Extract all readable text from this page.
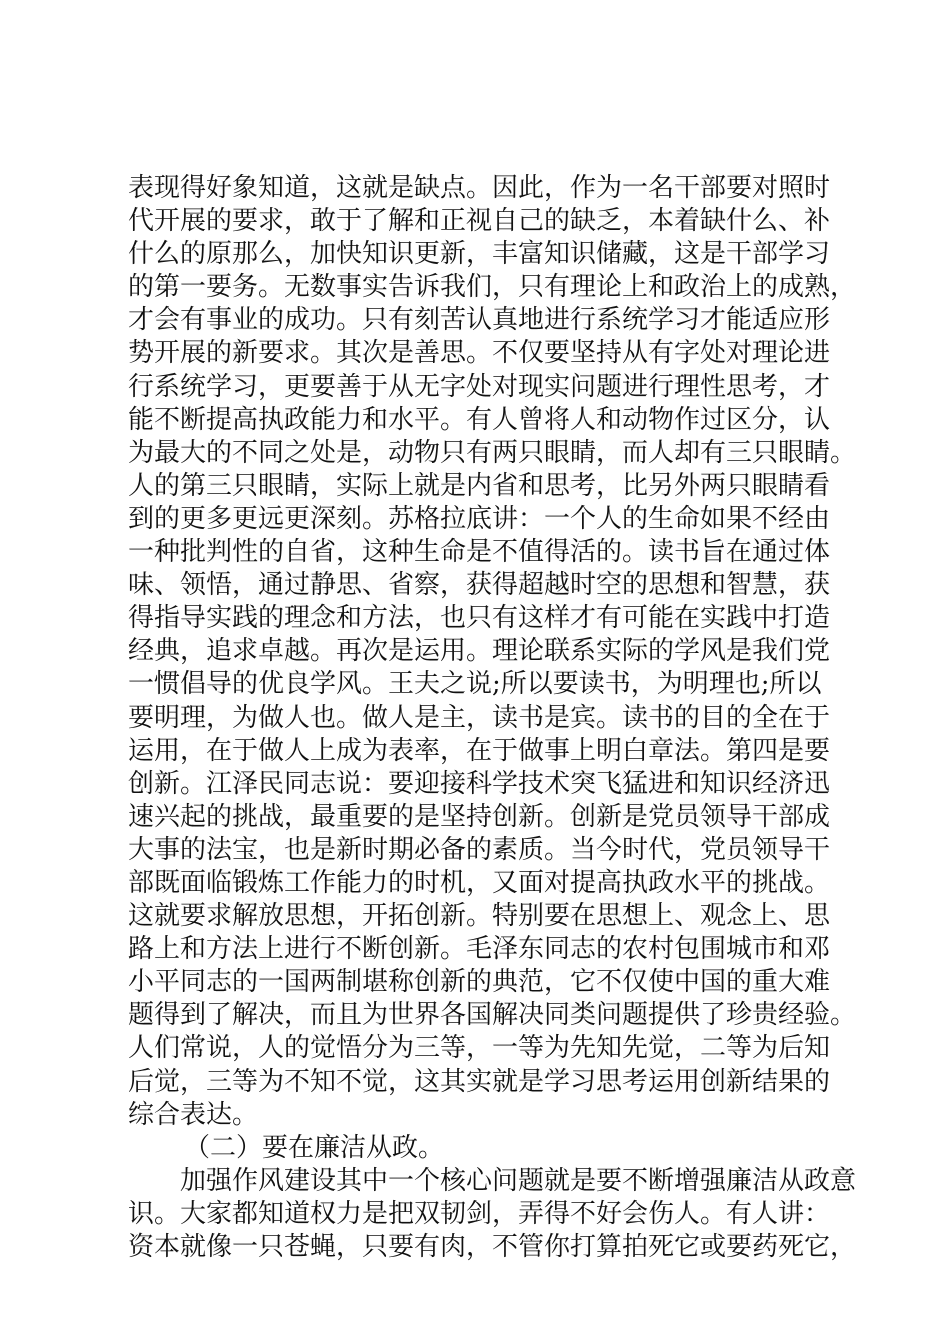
表现得好象知道，这就是缺点。因此，作为一名干部要对照时
代开展的要求，敢于了解和正视自己的缺乏，本着缺什么、补
什么的原那么，加快知识更新，丰富知识储藏，这是干部学习
的第一要务。无数事实告诉我们，只有理论上和政治上的成熟，
才会有事业的成功。只有刻苦认真地进行系统学习才能适应形
势开展的新要求。其次是善思。不仅要坚持从有字处对理论进
行系统学习，更要善于从无字处对现实问题进行理性思考，才
能不断提高执政能力和水平。有人曾将人和动物作过区分，认
为最大的不同之处是，动物只有两只眼睛，而人却有三只眼睛。
人的第三只眼睛，实际上就是内省和思考，比另外两只眼睛看
到的更多更远更深刻。苏格拉底讲：一个人的生命如果不经由
一种批判性的自省，这种生命是不值得活的。读书旨在通过体
味、领悟，通过静思、省察，获得超越时空的思想和智慧，获
得指导实践的理念和方法，也只有这样才有可能在实践中打造
经典，追求卓越。再次是运用。理论联系实际的学风是我们党
一惯倡导的优良学风。王夫之说;所以要读书，为明理也;所以
要明理，为做人也。做人是主，读书是宾。读书的目的全在于
运用，在于做人上成为表率，在于做事上明白章法。第四是要
创新。江泽民同志说：要迎接科学技术突飞猛进和知识经济迅
速兴起的挑战，最重要的是坚持创新。创新是党员领导干部成
大事的法宝，也是新时期必备的素质。当今时代，党员领导干
部既面临锻炼工作能力的时机，又面对提高执政水平的挑战。
这就要求解放思想，开拓创新。特别要在思想上、观念上、思
路上和方法上进行不断创新。毛泽东同志的农村包围城市和邓
小平同志的一国两制堪称创新的典范，它不仅使中国的重大难
题得到了解决，而且为世界各国解决同类问题提供了珍贵经验。
人们常说，人的觉悟分为三等，一等为先知先觉，二等为后知
后觉，三等为不知不觉，这其实就是学习思考运用创新结果的
综合表达。
（二）要在廉洁从政。
加强作风建设其中一个核心问题就是要不断增强廉洁从政意
识。大家都知道权力是把双韧剑，弄得不好会伤人。有人讲：
资本就像一只苍蝇，只要有肉，不管你打算拍死它或要药死它，
